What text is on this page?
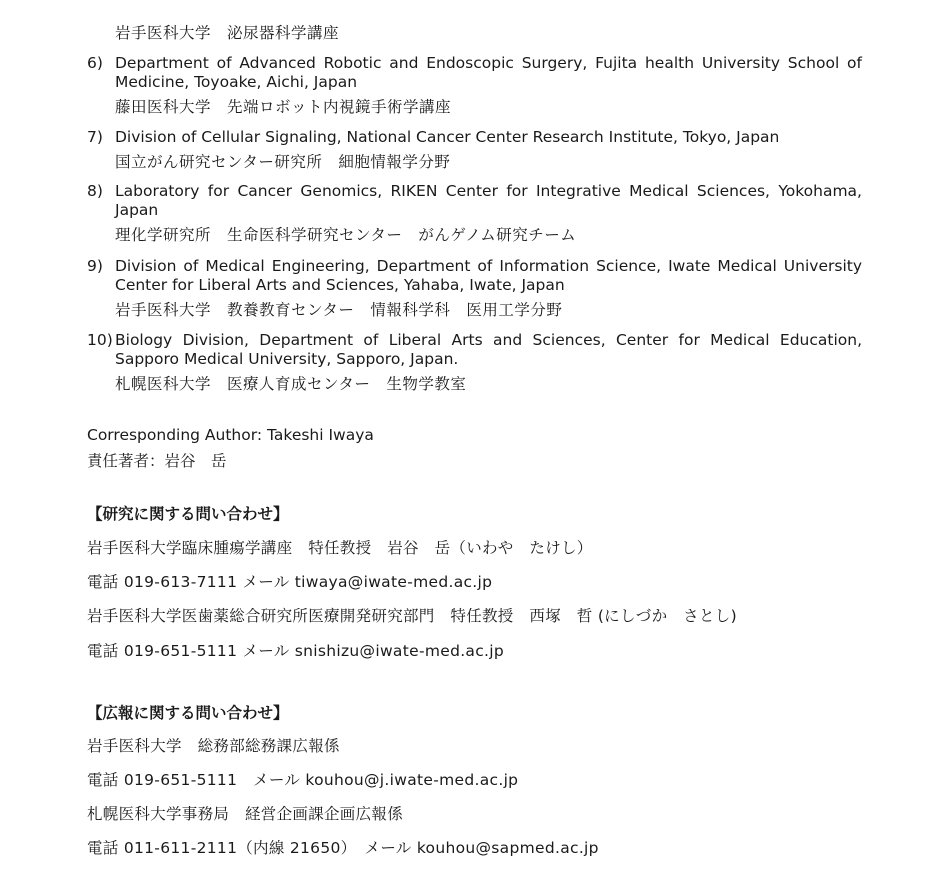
岩手医科大学　泌尿器科学講座
6) Department of Advanced Robotic and Endoscopic Surgery, Fujita health University School of Medicine, Toyoake, Aichi, Japan
藤田医科大学　先端ロボット内視鏡手術学講座
7) Division of Cellular Signaling, National Cancer Center Research Institute, Tokyo, Japan
国立がん研究センター研究所　細胞情報学分野
8) Laboratory for Cancer Genomics, RIKEN Center for Integrative Medical Sciences, Yokohama, Japan
理化学研究所　生命医科学研究センター　がんゲノム研究チーム
9) Division of Medical Engineering, Department of Information Science, Iwate Medical University Center for Liberal Arts and Sciences, Yahaba, Iwate, Japan
岩手医科大学　教養教育センター　情報科学科　医用工学分野
10) Biology Division, Department of Liberal Arts and Sciences, Center for Medical Education, Sapporo Medical University, Sapporo, Japan.
札幌医科大学　医療人育成センター　生物学教室
Corresponding Author: Takeshi Iwaya
責任著者：岩谷　岳
【研究に関する問い合わせ】
岩手医科大学臨床腫瘍学講座　特任教授　岩谷　岳（いわや　たけし）
電話 019-613-7111 メール tiwaya@iwate-med.ac.jp
岩手医科大学医歯薬総合研究所医療開発研究部門　特任教授　西塚　哲 (にしづか　さとし)
電話 019-651-5111 メール snishizu@iwate-med.ac.jp
【広報に関する問い合わせ】
岩手医科大学　総務部総務課広報係
電話 019-651-5111　メール kouhou@j.iwate-med.ac.jp
札幌医科大学事務局　経営企画課企画広報係
電話 011-611-2111（内線 21650）　メール kouhou@sapmed.ac.jp
